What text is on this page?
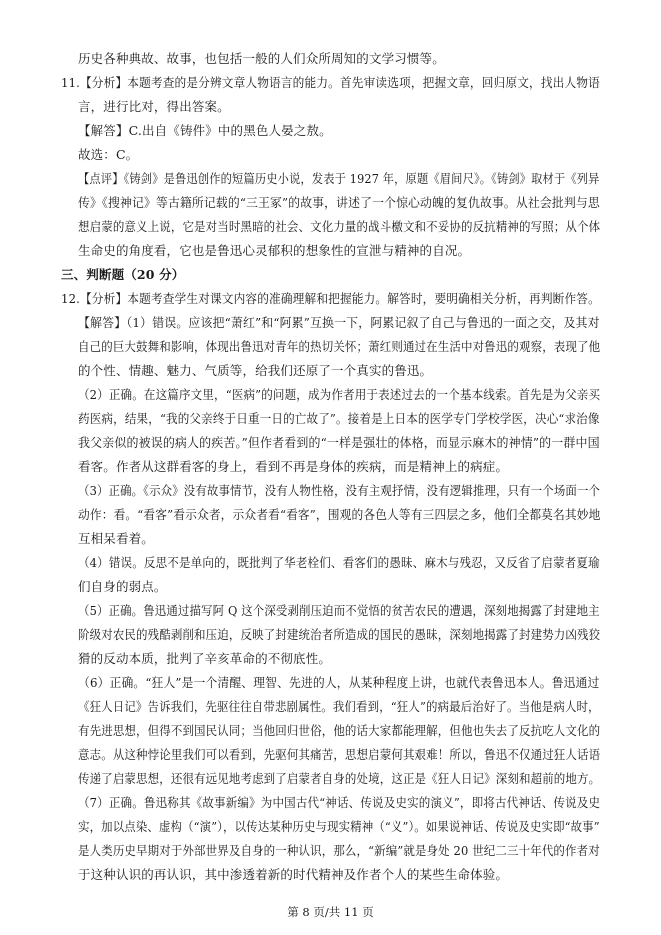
历史各种典故、故事，也包括一般的人们众所周知的文学习惯等。
11.【分析】本题考查的是分辨文章人物语言的能力。首先审读选项，把握文章，回归原文，找出人物语
言，进行比对，得出答案。
【解答】C.出自《铸件》中的黑色人晏之敖。
故选：C。
【点评】《铸剑》是鲁迅创作的短篇历史小说，发表于 1927 年，原题《眉间尺》。《铸剑》取材于《列异
传》《搜神记》等古籍所记载的“三王冢”的故事，讲述了一个惊心动魄的复仇故事。从社会批判与思
想启蒙的意义上说，它是对当时黑暗的社会、文化力量的战斗檄文和不妥协的反抗精神的写照；从个体
生命史的角度看，它也是鲁迅心灵郁积的想象性的宣泄与精神的自况。
三、判断题（20 分）
12.【分析】本题考查学生对课文内容的准确理解和把握能力。解答时，要明确相关分析，再判断作答。
【解答】（1）错误。应该把“萧红”和“阿累”互换一下，阿累记叙了自己与鲁迅的一面之交，及其对
自己的巨大鼓舞和影响，体现出鲁迅对青年的热切关怀；萧红则通过在生活中对鲁迅的观察，表现了他
的个性、情趣、魅力、气质等，给我们还原了一个真实的鲁迅。
（2）正确。在这篇序文里，“医病”的问题，成为作者用于表述过去的一个基本线索。首先是为父亲买
药医病，结果，“我的父亲终于日重一日的亡故了”。接着是上日本的医学专门学校学医，决心“求治像
我父亲似的被误的病人的疾苦。”但作者看到的“一样是强壮的体格，而显示麻木的神情”的一群中国
看客。作者从这群看客的身上，看到不再是身体的疾病，而是精神上的病症。
（3）正确。《示众》没有故事情节，没有人物性格，没有主观抒情，没有逻辑推理，只有一个场面一个
动作：看。“看客”看示众者，示众者看“看客”，围观的各色人等有三四层之多，他们全都莫名其妙地
互相呆看着。
（4）错误。反思不是单向的，既批判了华老栓们、看客们的愚昧、麻木与残忍，又反省了启蒙者夏瑜
们自身的弱点。
（5）正确。鲁迅通过描写阿 Q 这个深受剥削压迫而不觉悟的贫苦农民的遭遇，深刻地揭露了封建地主
阶级对农民的残酷剥削和压迫，反映了封建统治者所造成的国民的愚昧，深刻地揭露了封建势力凶残狡
猾的反动本质，批判了辛亥革命的不彻底性。
（6）正确。“狂人”是一个清醒、理智、先进的人，从某种程度上讲，也就代表鲁迅本人。鲁迅通过
《狂人日记》告诉我们，先驱往往自带悲剧属性。我们看到，“狂人”的病最后治好了。当他是病人时，
有先进思想，但得不到国民认同；当他回归世俗，他的话大家都能理解，但他也失去了反抗吃人文化的
意志。从这种悖论里我们可以看到，先驱何其痛苦，思想启蒙何其艰难！所以，鲁迅不仅通过狂人话语
传递了启蒙思想，还很有远见地考虑到了启蒙者自身的处境，这正是《狂人日记》深刻和超前的地方。
（7）正确。鲁迅称其《故事新编》为中国古代“神话、传说及史实的演义”，即将古代神话、传说及史
实，加以点染、虚构（“演”），以传达某种历史与现实精神（“义”）。如果说神话、传说及史实即“故事”
是人类历史早期对于外部世界及自身的一种认识，那么，“新编”就是身处 20 世纪二三十年代的作者对
于这种认识的再认识，其中渗透着新的时代精神及作者个人的某些生命体验。
第 8 页/共 11 页
